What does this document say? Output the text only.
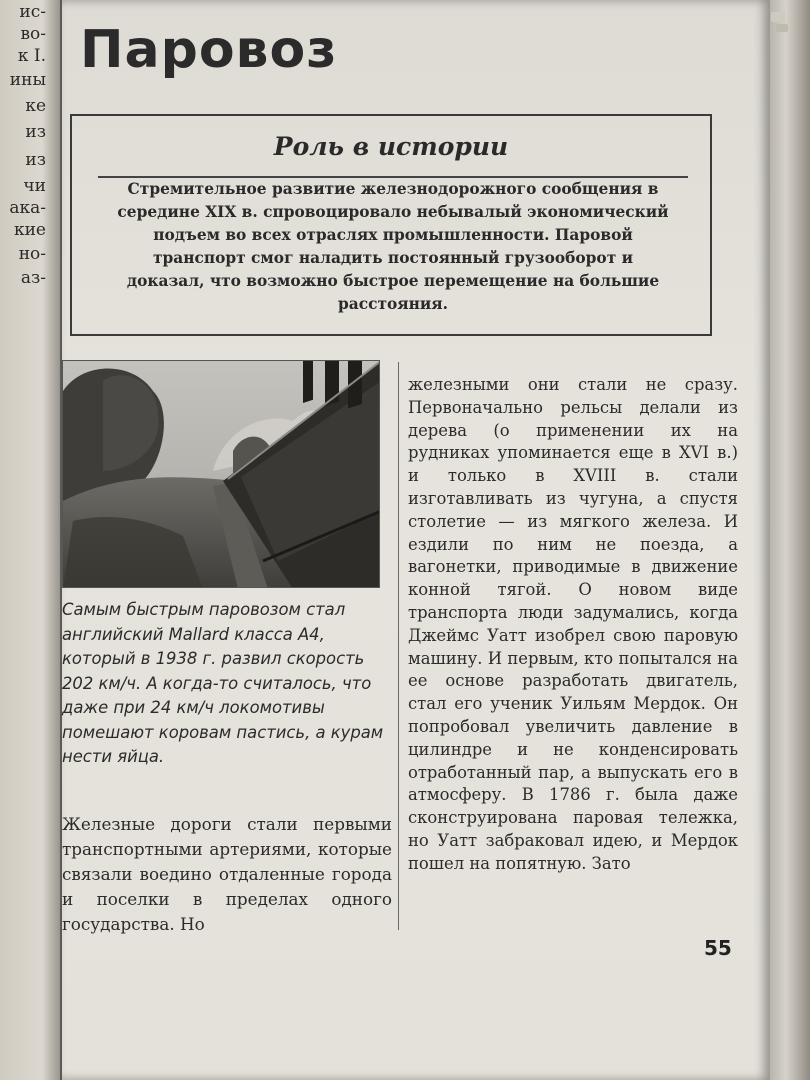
ис-
во-
к I.
ины
ке
из
из
чи
ака-
кие
но-
аз-
Паровоз
Роль в истории

Стремительное развитие железнодорожного сообщения в середине XIX в. спровоцировало небывалый экономический подъем во всех отраслях промышленности. Паровой транспорт смог наладить постоянный грузооборот и доказал, что возможно быстрое перемещение на большие расстояния.

Самым быстрым паровозом стал английский Mallard класса А4, который в 1938 г. развил скорость 202 км/ч. А когда-то считалось, что даже при 24 км/ч локомотивы помешают коровам пастись, а курам нести яйца.

Железные дороги стали первыми транспортными артериями, которые связали воедино отдаленные города и поселки в пределах одного государства. Но

железными они стали не сразу. Первоначально рельсы делали из дерева (о применении их на рудниках упоминается еще в XVI в.) и только в XVIII в. стали изготавливать из чугуна, а спустя столетие — из мягкого железа. И ездили по ним не поезда, а вагонетки, приводимые в движение конной тягой. О новом виде транспорта люди задумались, когда Джеймс Уатт изобрел свою паровую машину. И первым, кто попытался на ее основе разработать двигатель, стал его ученик Уильям Мердок. Он попробовал увеличить давление в цилиндре и не конденсировать отработанный пар, а выпускать его в атмосферу. В 1786 г. была даже сконструирована паровая тележка, но Уатт забраковал идею, и Мердок пошел на попятную. Зато

55
